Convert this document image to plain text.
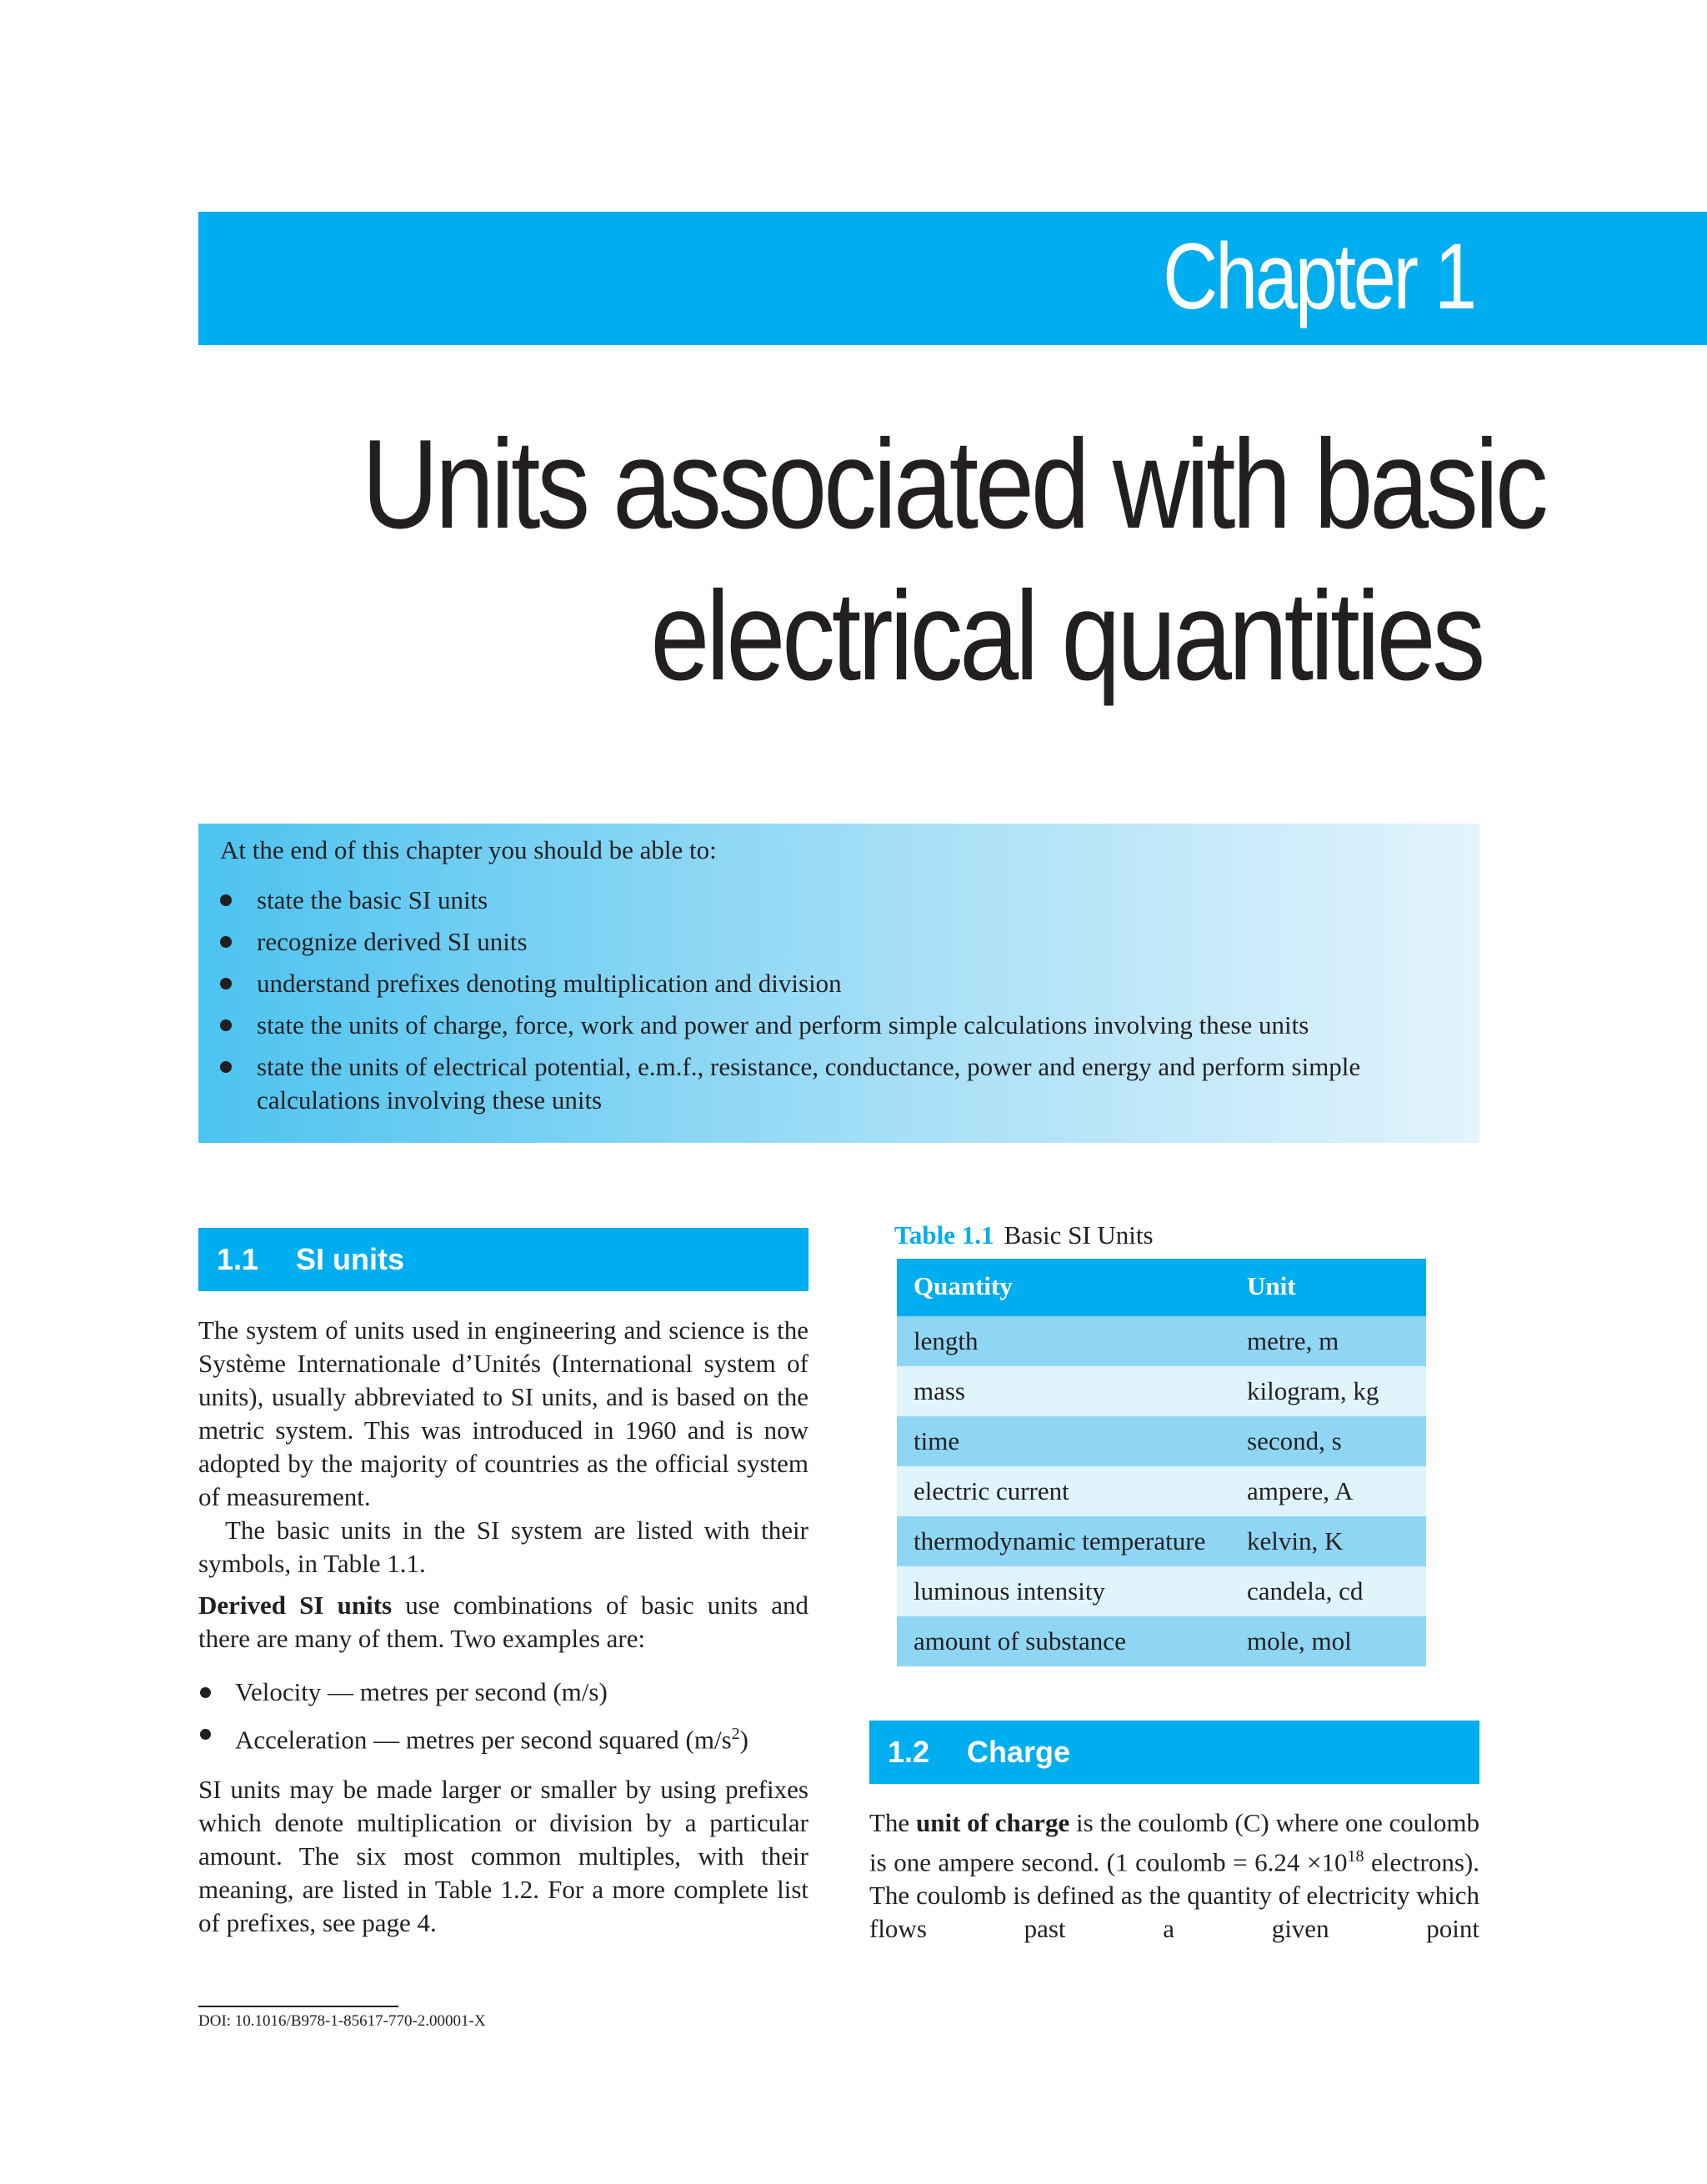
Chapter 1
Units associated with basic
electrical quantities

At the end of this chapter you should be able to:

state the basic SI units
recognize derived SI units
understand prefixes denoting multiplication and division
state the units of charge, force, work and power and perform simple calculations involving these units
state the units of electrical potential, e.m.f., resistance, conductance, power and energy and perform simple calculations involving these units
1.1 SI units

The system of units used in engineering and science is the Système Internationale d’Unités (International system of units), usually abbreviated to SI units, and is based on the metric system. This was introduced in 1960 and is now adopted by the majority of countries as the official system of measurement.

The basic units in the SI system are listed with their symbols, in Table 1.1.

Derived SI units use combinations of basic units and there are many of them. Two examples are:

Velocity — metres per second (m/s)
Acceleration — metres per second squared $(m/s^2)$

SI units may be made larger or smaller by using prefixes which denote multiplication or division by a particular amount. The six most common multiples, with their meaning, are listed in Table 1.2. For a more complete list of prefixes, see page 4.

Table 1.1 Basic SI Units
Quantity	Unit
length	metre, m
mass	kilogram, kg
time	second, s
electric current	ampere, A
thermodynamic temperature	kelvin, K
luminous intensity	candela, cd
amount of substance	mole, mol
1.2 Charge

The unit of charge is the coulomb (C) where one coulomb is one ampere second. (1 coulomb = $6.24 \times 10^{18}$ electrons). The coulomb is defined as the quantity of electricity which flows past a given point

DOI: 10.1016/B978-1-85617-770-2.00001-X
